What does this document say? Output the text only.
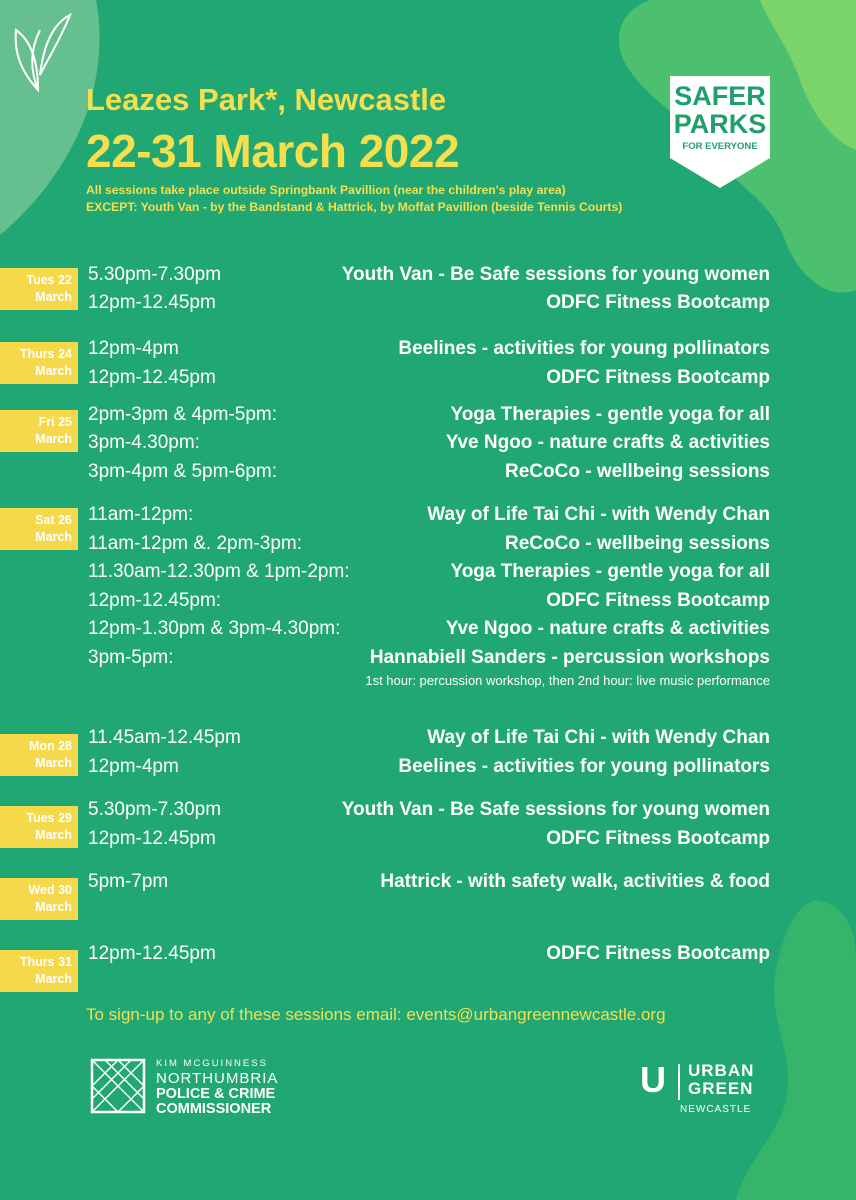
SAFER
PARKS
FOR EVERYONE
Leazes Park*, Newcastle
22-31 March 2022
All sessions take place outside Springbank Pavillion (near the children's play area)
EXCEPT: Youth Van - by the Bandstand & Hattrick, by Moffat Pavillion (beside Tennis Courts)
Tues 22
March
5.30pm-7.30pm	Youth Van - Be Safe sessions for young women
12pm-12.45pm	ODFC Fitness Bootcamp
Thurs 24
March
12pm-4pm	Beelines - activities for young pollinators
12pm-12.45pm	ODFC Fitness Bootcamp
Fri 25
March
2pm-3pm & 4pm-5pm:	Yoga Therapies - gentle yoga for all
3pm-4.30pm:	Yve Ngoo - nature crafts & activities
3pm-4pm & 5pm-6pm:	ReCoCo - wellbeing sessions
Sat 26
March
11am-12pm:	Way of Life Tai Chi - with Wendy Chan
11am-12pm &. 2pm-3pm:	ReCoCo - wellbeing sessions
11.30am-12.30pm & 1pm-2pm:	Yoga Therapies - gentle yoga for all
12pm-12.45pm:	ODFC Fitness Bootcamp
12pm-1.30pm & 3pm-4.30pm:	Yve Ngoo - nature crafts & activities
3pm-5pm:	Hannabiell Sanders - percussion workshops
1st hour: percussion workshop, then 2nd hour: live music performance
Mon 28
March
11.45am-12.45pm	Way of Life Tai Chi - with Wendy Chan
12pm-4pm	Beelines - activities for young pollinators
Tues 29
March
5.30pm-7.30pm	Youth Van - Be Safe sessions for young women
12pm-12.45pm	ODFC Fitness Bootcamp
Wed 30
March
5pm-7pm	Hattrick - with safety walk, activities & food
Thurs 31
March
12pm-12.45pm	ODFC Fitness Bootcamp
To sign-up to any of these sessions email: events@urbangreennewcastle.org
KIM MCGUINNESS
NORTHUMBRIA
POLICE & CRIME
COMMISSIONER
U URBAN
GREEN
NEWCASTLE
